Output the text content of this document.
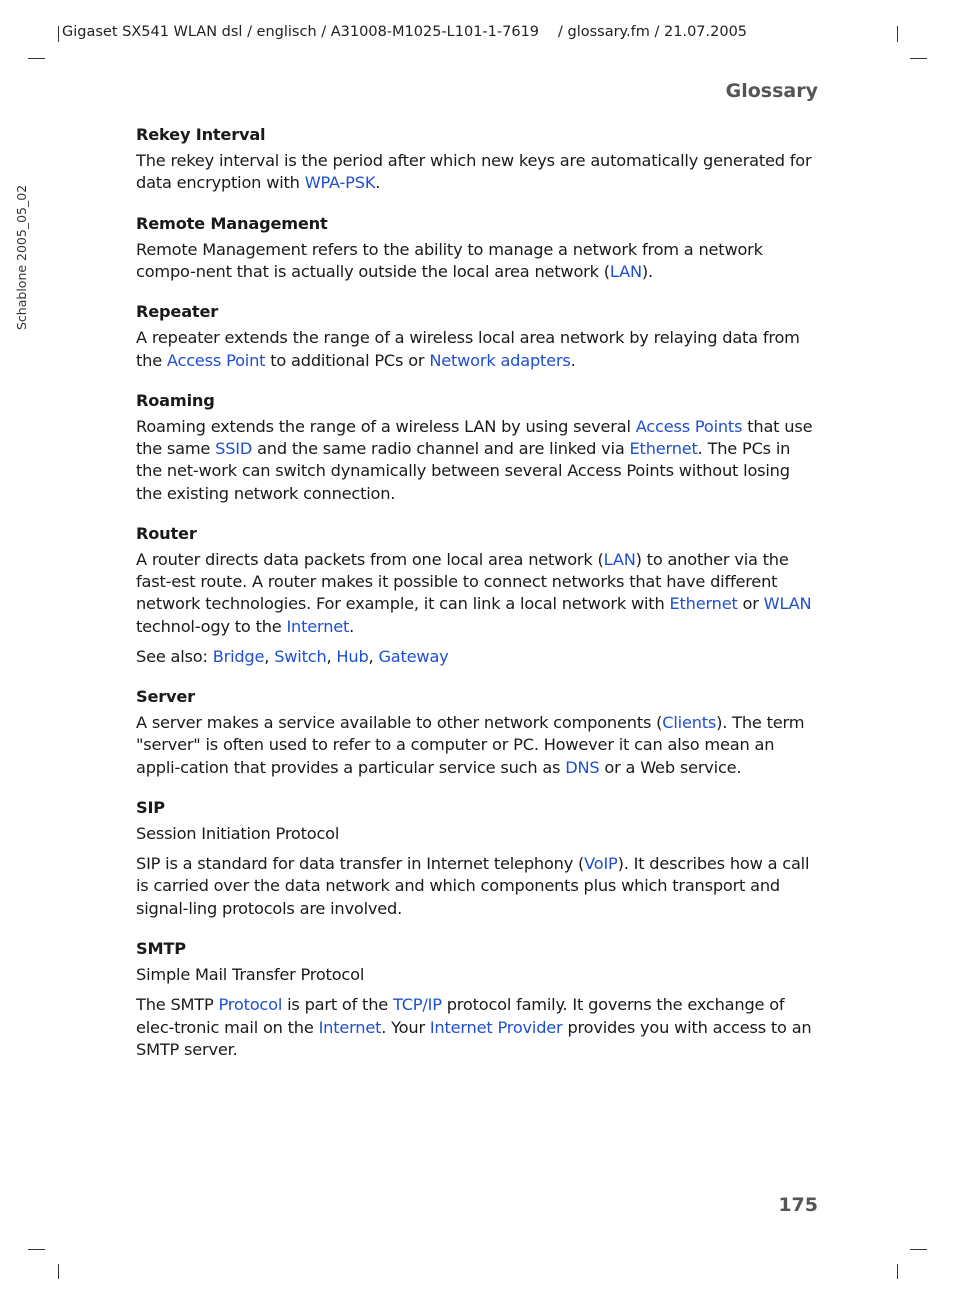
Gigaset SX541 WLAN dsl / englisch / A31008-M1025-L101-1-7619 / glossary.fm / 21.07.2005
Schablone 2005_05_02
Glossary
Rekey Interval

The rekey interval is the period after which new keys are automatically generated for data encryption with WPA-PSK.

Remote Management

Remote Management refers to the ability to manage a network from a network compo-nent that is actually outside the local area network (LAN).

Repeater

A repeater extends the range of a wireless local area network by relaying data from the Access Point to additional PCs or Network adapters.

Roaming

Roaming extends the range of a wireless LAN by using several Access Points that use the same SSID and the same radio channel and are linked via Ethernet. The PCs in the net-work can switch dynamically between several Access Points without losing the existing network connection.

Router

A router directs data packets from one local area network (LAN) to another via the fast-est route. A router makes it possible to connect networks that have different network technologies. For example, it can link a local network with Ethernet or WLAN technol-ogy to the Internet.

See also: Bridge, Switch, Hub, Gateway

Server

A server makes a service available to other network components (Clients). The term "server" is often used to refer to a computer or PC. However it can also mean an appli-cation that provides a particular service such as DNS or a Web service.

SIP

Session Initiation Protocol

SIP is a standard for data transfer in Internet telephony (VoIP). It describes how a call is carried over the data network and which components plus which transport and signal-ling protocols are involved.

SMTP

Simple Mail Transfer Protocol

The SMTP Protocol is part of the TCP/IP protocol family. It governs the exchange of elec-tronic mail on the Internet. Your Internet Provider provides you with access to an SMTP server.

175
